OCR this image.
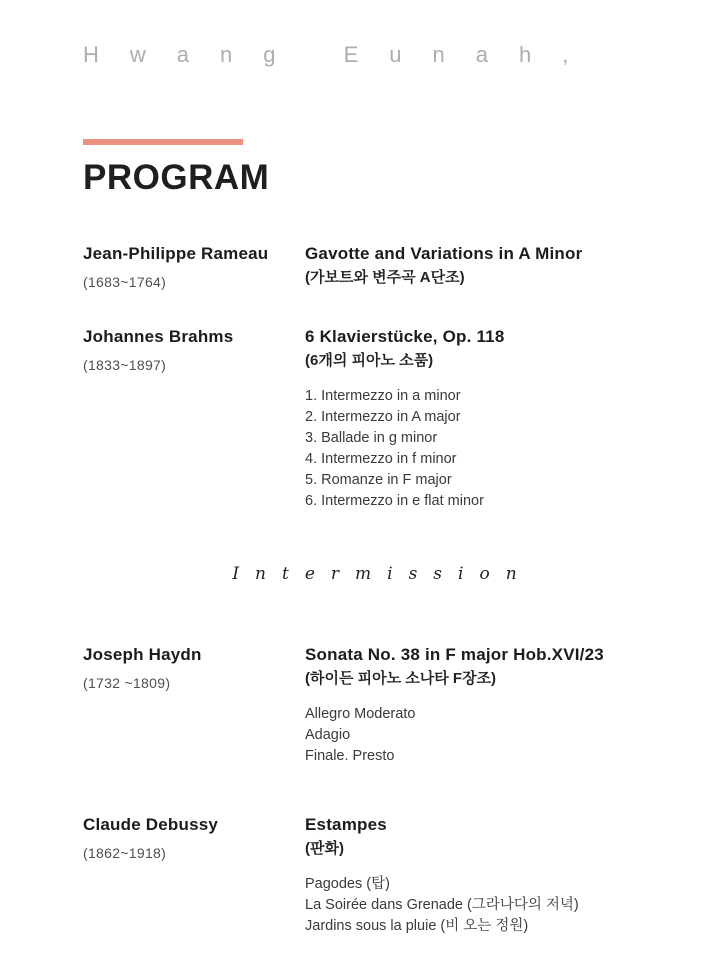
Hwang Eunah,
PROGRAM
Jean-Philippe Rameau
(1683~1764)
Gavotte and Variations in A Minor
(가보트와 변주곡 A단조)
Johannes Brahms
(1833~1897)
6 Klavierstücke, Op. 118
(6개의 피아노 소품)
1. Intermezzo in a minor
2. Intermezzo in A major
3. Ballade in g minor
4. Intermezzo in f minor
5. Romanze in F major
6. Intermezzo in e flat minor
Intermission
Joseph Haydn
(1732 ~1809)
Sonata No. 38 in F major Hob.XVI/23
(하이든 피아노 소나타 F장조)
Allegro Moderato
Adagio
Finale. Presto
Claude Debussy
(1862~1918)
Estampes
(판화)
Pagodes (탑)
La Soirée dans Grenade (그라나다의 저녁)
Jardins sous la pluie (비 오는 정원)
